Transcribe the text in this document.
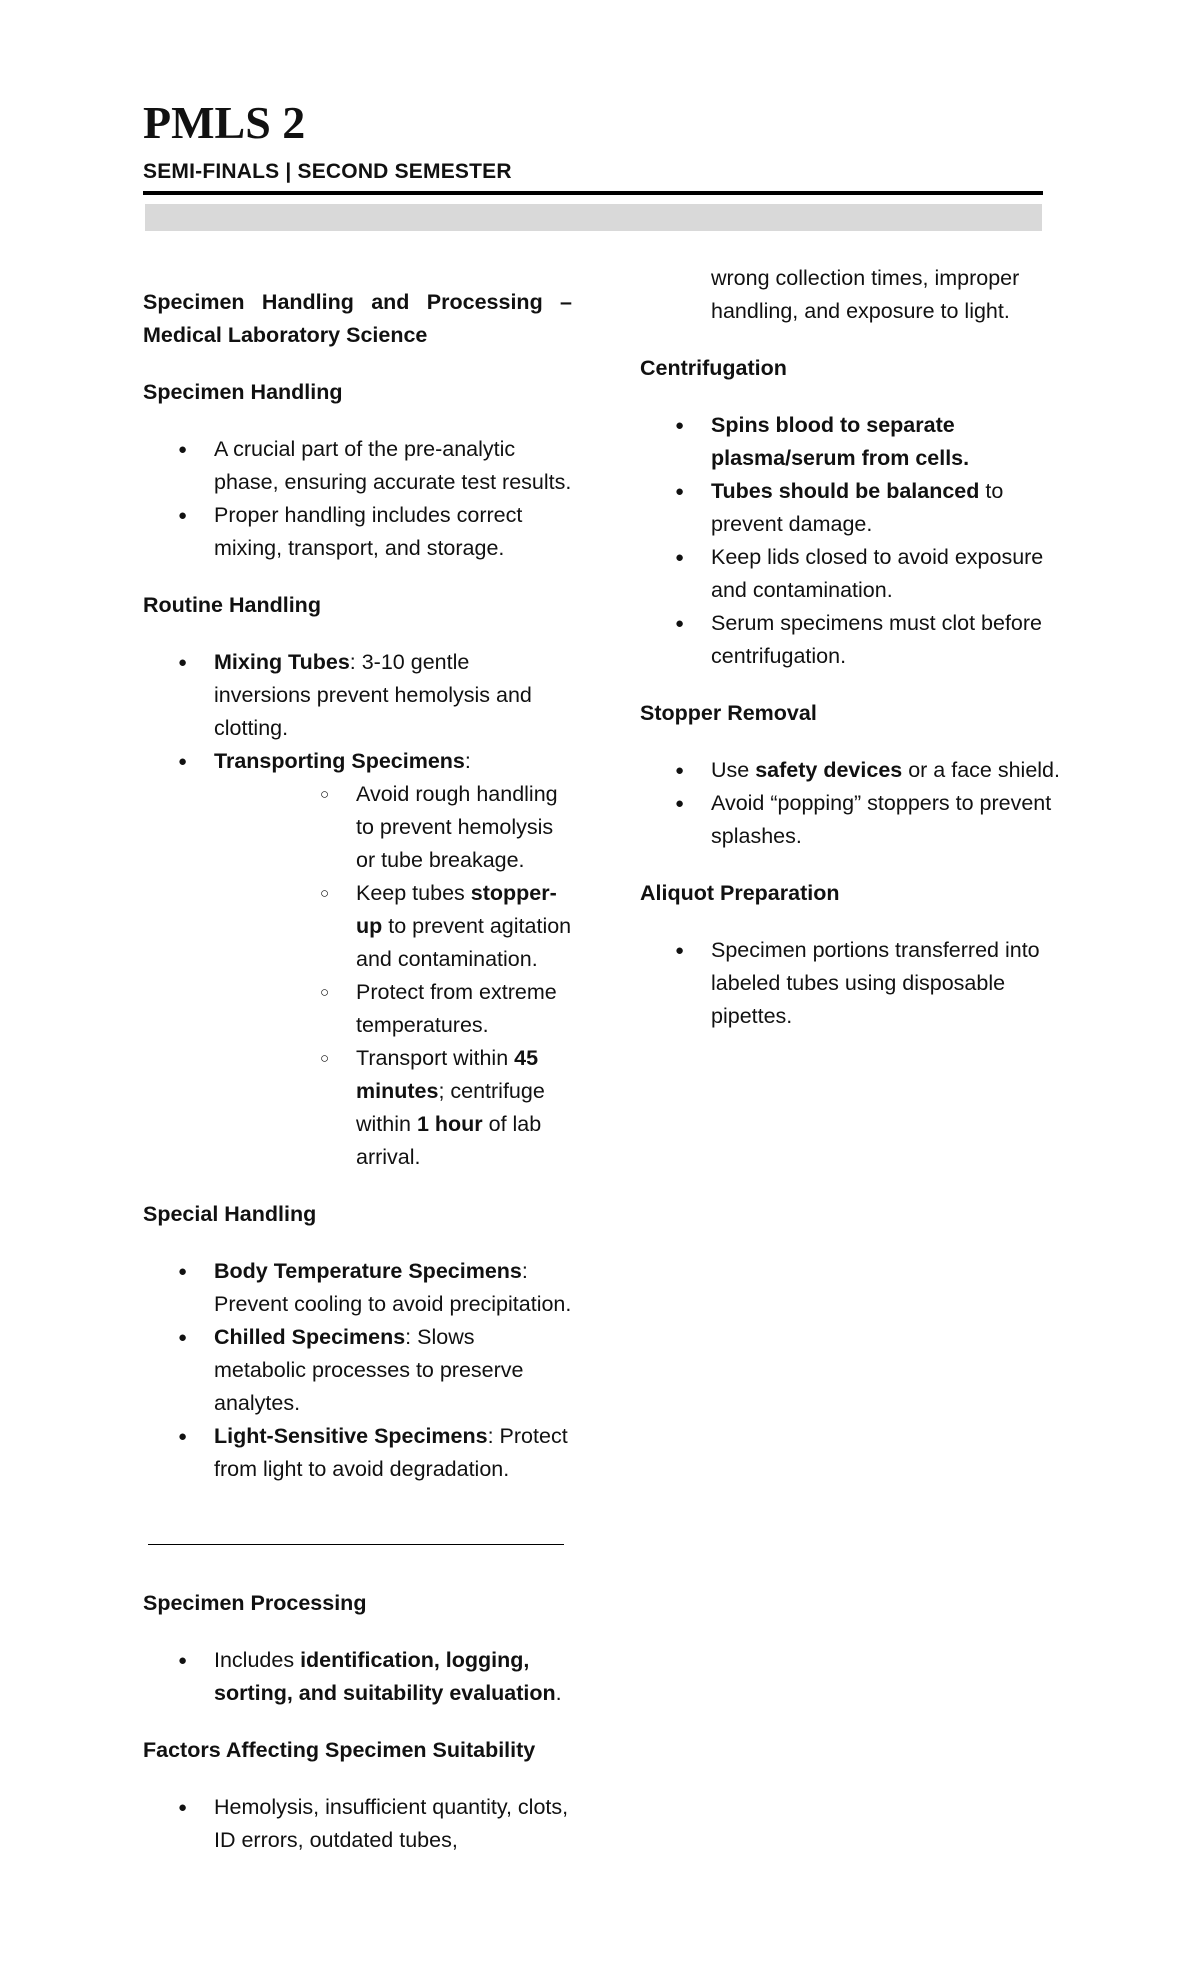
PMLS 2
SEMI-FINALS | SECOND SEMESTER

Specimen Handling and Processing – Medical Laboratory Science

Specimen Handling

● A crucial part of the pre-analytic phase, ensuring accurate test results.
● Proper handling includes correct mixing, transport, and storage.

Routine Handling

● Mixing Tubes: 3-10 gentle inversions prevent hemolysis and clotting.
● Transporting Specimens:
○ Avoid rough handling to prevent hemolysis or tube breakage.
○ Keep tubes stopper-up to prevent agitation and contamination.
○ Protect from extreme temperatures.
○ Transport within 45 minutes; centrifuge within 1 hour of lab arrival.

Special Handling

● Body Temperature Specimens: Prevent cooling to avoid precipitation.
● Chilled Specimens: Slows metabolic processes to preserve analytes.
● Light-Sensitive Specimens: Protect from light to avoid degradation.

Specimen Processing

● Includes identification, logging, sorting, and suitability evaluation.

Factors Affecting Specimen Suitability

● Hemolysis, insufficient quantity, clots, ID errors, outdated tubes,

wrong collection times, improper handling, and exposure to light.

Centrifugation

● Spins blood to separate plasma/serum from cells.
● Tubes should be balanced to prevent damage.
● Keep lids closed to avoid exposure and contamination.
● Serum specimens must clot before centrifugation.

Stopper Removal

● Use safety devices or a face shield.
● Avoid “popping” stoppers to prevent splashes.

Aliquot Preparation

● Specimen portions transferred into labeled tubes using disposable pipettes.
